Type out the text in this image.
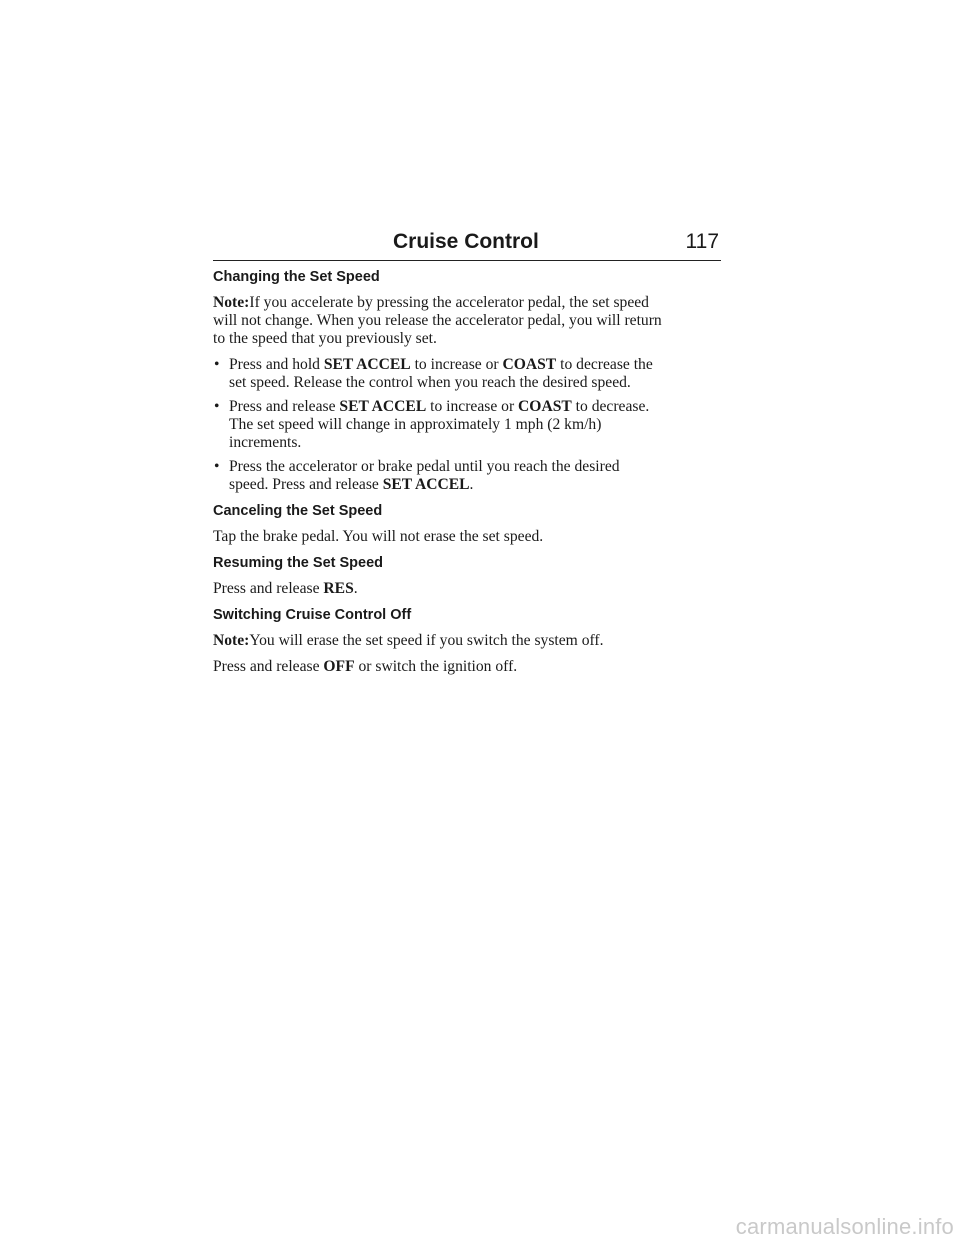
Cruise Control	117
Changing the Set Speed

Note:If you accelerate by pressing the accelerator pedal, the set speed
will not change. When you release the accelerator pedal, you will return
to the speed that you previously set.

• Press and hold SET ACCEL to increase or COAST to decrease the
set speed. Release the control when you reach the desired speed.
• Press and release SET ACCEL to increase or COAST to decrease.
The set speed will change in approximately 1 mph (2 km/h)
increments.
• Press the accelerator or brake pedal until you reach the desired
speed. Press and release SET ACCEL.
Canceling the Set Speed

Tap the brake pedal. You will not erase the set speed.

Resuming the Set Speed

Press and release RES.

Switching Cruise Control Off

Note:You will erase the set speed if you switch the system off.

Press and release OFF or switch the ignition off.

carmanualsonline.info
